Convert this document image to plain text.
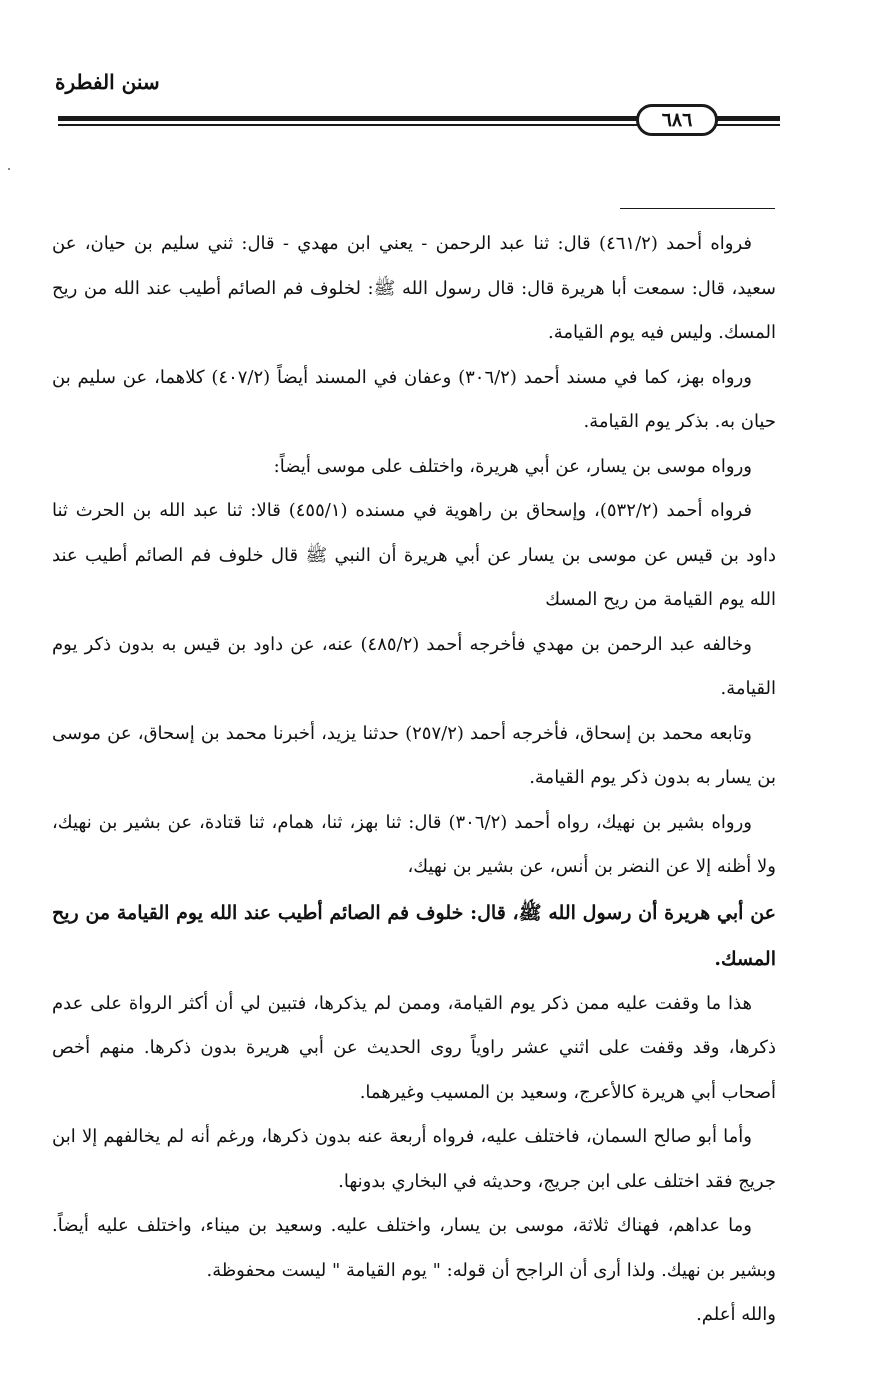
سنن الفطرة
٦٨٦

فرواه أحمد (٤٦١/٢) قال: ثنا عبد الرحمن - يعني ابن مهدي - قال: ثني سليم بن حيان، عن سعيد، قال: سمعت أبا هريرة قال: قال رسول الله ﷺ: لخلوف فم الصائم أطيب عند الله من ريح المسك. وليس فيه يوم القيامة.

ورواه بهز، كما في مسند أحمد (٣٠٦/٢) وعفان في المسند أيضاً (٤٠٧/٢) كلاهما، عن سليم بن حيان به. بذكر يوم القيامة.

ورواه موسى بن يسار، عن أبي هريرة، واختلف على موسى أيضاً:

فرواه أحمد (٥٣٢/٢)، وإسحاق بن راهوية في مسنده (٤٥٥/١) قالا: ثنا عبد الله بن الحرث ثنا داود بن قيس عن موسى بن يسار عن أبي هريرة أن النبي ﷺ قال خلوف فم الصائم أطيب عند الله يوم القيامة من ريح المسك

وخالفه عبد الرحمن بن مهدي فأخرجه أحمد (٤٨٥/٢) عنه، عن داود بن قيس به بدون ذكر يوم القيامة.

وتابعه محمد بن إسحاق، فأخرجه أحمد (٢٥٧/٢) حدثنا يزيد، أخبرنا محمد بن إسحاق، عن موسى بن يسار به بدون ذكر يوم القيامة.

ورواه بشير بن نهيك، رواه أحمد (٣٠٦/٢) قال: ثنا بهز، ثنا، همام، ثنا قتادة، عن بشير بن نهيك، ولا أظنه إلا عن النضر بن أنس، عن بشير بن نهيك،

عن أبي هريرة أن رسول الله ﷺ، قال: خلوف فم الصائم أطيب عند الله يوم القيامة من ريح المسك.

هذا ما وقفت عليه ممن ذكر يوم القيامة، وممن لم يذكرها، فتبين لي أن أكثر الرواة على عدم ذكرها، وقد وقفت على اثني عشر راوياً روى الحديث عن أبي هريرة بدون ذكرها. منهم أخص أصحاب أبي هريرة كالأعرج، وسعيد بن المسيب وغيرهما.

وأما أبو صالح السمان، فاختلف عليه، فرواه أربعة عنه بدون ذكرها، ورغم أنه لم يخالفهم إلا ابن جريج فقد اختلف على ابن جريج، وحديثه في البخاري بدونها.

وما عداهم، فهناك ثلاثة، موسى بن يسار، واختلف عليه. وسعيد بن ميناء، واختلف عليه أيضاً. وبشير بن نهيك. ولذا أرى أن الراجح أن قوله: " يوم القيامة " ليست محفوظة.

والله أعلم.
